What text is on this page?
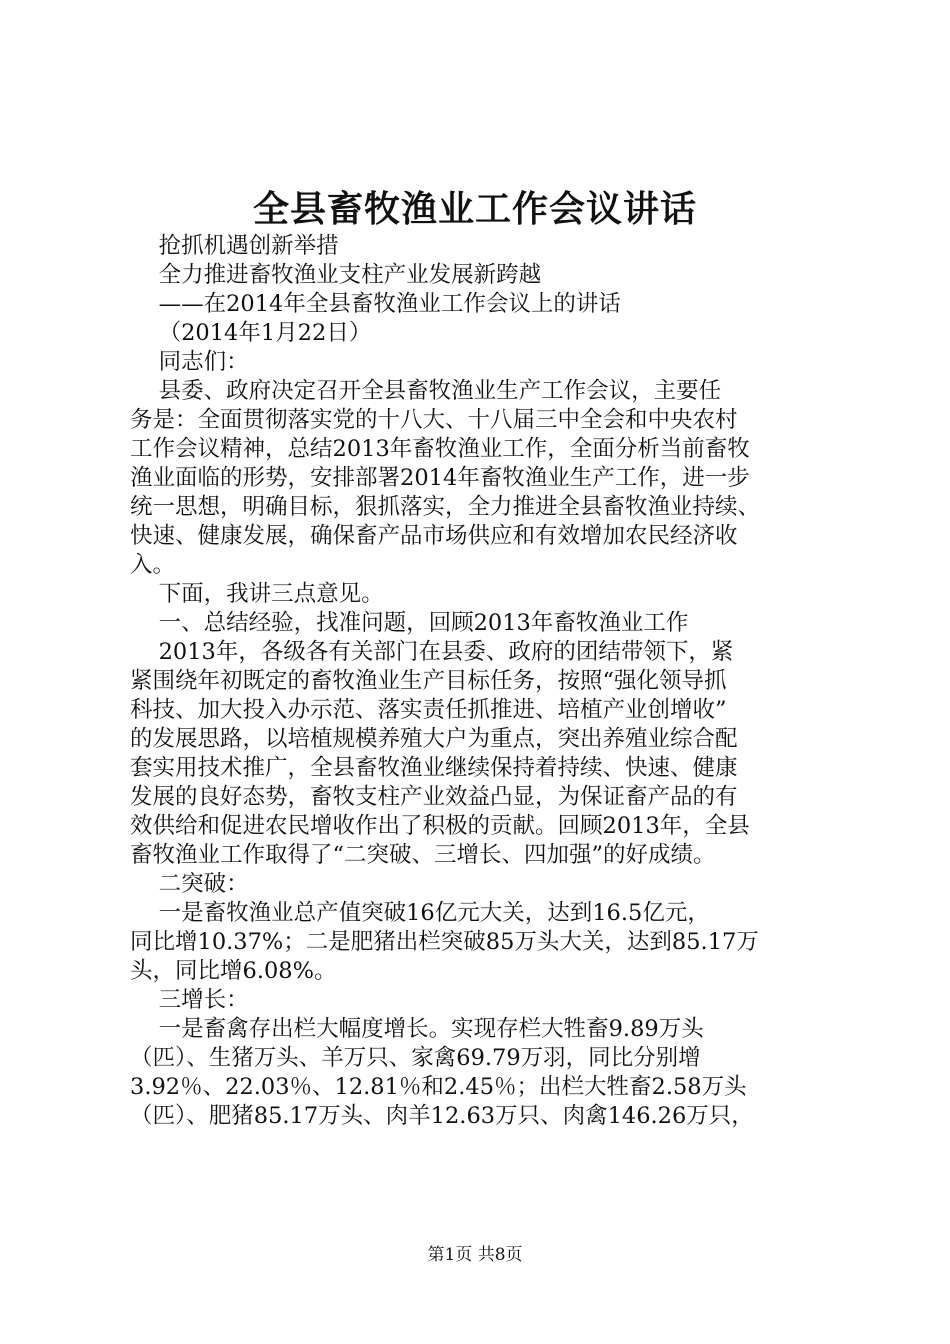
全县畜牧渔业工作会议讲话
抢抓机遇创新举措
全力推进畜牧渔业支柱产业发展新跨越
——在2014年全县畜牧渔业工作会议上的讲话
（2014年1月22日）
同志们：
县委、政府决定召开全县畜牧渔业生产工作会议，主要任
务是：全面贯彻落实党的十八大、十八届三中全会和中央农村
工作会议精神，总结2013年畜牧渔业工作，全面分析当前畜牧
渔业面临的形势，安排部署2014年畜牧渔业生产工作，进一步
统一思想，明确目标，狠抓落实，全力推进全县畜牧渔业持续、
快速、健康发展，确保畜产品市场供应和有效增加农民经济收
入。
下面，我讲三点意见。
一、总结经验，找准问题，回顾2013年畜牧渔业工作
2013年，各级各有关部门在县委、政府的团结带领下，紧
紧围绕年初既定的畜牧渔业生产目标任务，按照“强化领导抓
科技、加大投入办示范、落实责任抓推进、培植产业创增收”
的发展思路，以培植规模养殖大户为重点，突出养殖业综合配
套实用技术推广，全县畜牧渔业继续保持着持续、快速、健康
发展的良好态势，畜牧支柱产业效益凸显，为保证畜产品的有
效供给和促进农民增收作出了积极的贡献。回顾2013年，全县
畜牧渔业工作取得了“二突破、三增长、四加强”的好成绩。
二突破：
一是畜牧渔业总产值突破16亿元大关，达到16.5亿元，
同比增10.37%；二是肥猪出栏突破85万头大关，达到85.17万
头，同比增6.08%。
三增长：
一是畜禽存出栏大幅度增长。实现存栏大牲畜9.89万头
（匹）、生猪万头、羊万只、家禽69.79万羽，同比分别增
3.92％、22.03％、12.81％和2.45％；出栏大牲畜2.58万头
（匹）、肥猪85.17万头、肉羊12.63万只、肉禽146.26万只，
第1页 共8页
